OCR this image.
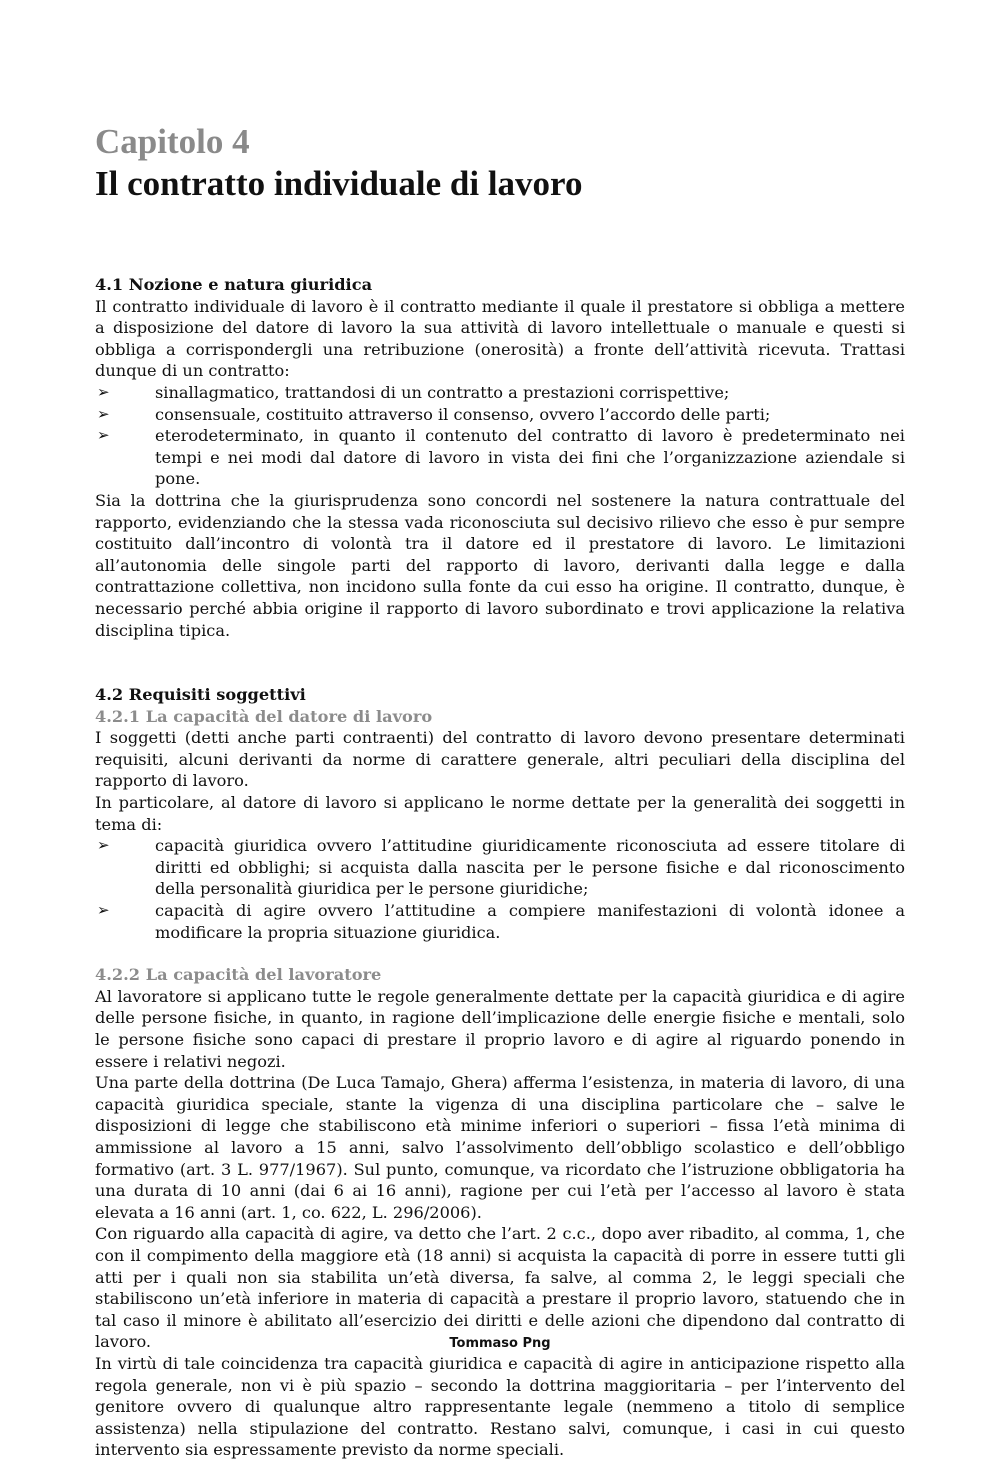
Capitolo 4
Il contratto individuale di lavoro
4.1 Nozione e natura giuridica

Il contratto individuale di lavoro è il contratto mediante il quale il prestatore si obbliga a mettere a disposizione del datore di lavoro la sua attività di lavoro intellettuale o manuale e questi si obbliga a corrispondergli una retribuzione (onerosità) a fronte dell’attività ricevuta. Trattasi dunque di un contratto:

➢	sinallagmatico, trattandosi di un contratto a prestazioni corrispettive;
➢	consensuale, costituito attraverso il consenso, ovvero l’accordo delle parti;
➢	eterodeterminato, in quanto il contenuto del contratto di lavoro è predeterminato nei tempi e nei modi dal datore di lavoro in vista dei fini che l’organizzazione aziendale si pone.

Sia la dottrina che la giurisprudenza sono concordi nel sostenere la natura contrattuale del rapporto, evidenziando che la stessa vada riconosciuta sul decisivo rilievo che esso è pur sempre costituito dall’incontro di volontà tra il datore ed il prestatore di lavoro. Le limitazioni all’autonomia delle singole parti del rapporto di lavoro, derivanti dalla legge e dalla contrattazione collettiva, non incidono sulla fonte da cui esso ha origine. Il contratto, dunque, è necessario perché abbia origine il rapporto di lavoro subordinato e trovi applicazione la relativa disciplina tipica.

4.2 Requisiti soggettivi
4.2.1 La capacità del datore di lavoro

I soggetti (detti anche parti contraenti) del contratto di lavoro devono presentare determinati requisiti, alcuni derivanti da norme di carattere generale, altri peculiari della disciplina del rapporto di lavoro.

In particolare, al datore di lavoro si applicano le norme dettate per la generalità dei soggetti in tema di:

➢	capacità giuridica ovvero l’attitudine giuridicamente riconosciuta ad essere titolare di diritti ed obblighi; si acquista dalla nascita per le persone fisiche e dal riconoscimento della personalità giuridica per le persone giuridiche;
➢	capacità di agire ovvero l’attitudine a compiere manifestazioni di volontà idonee a modificare la propria situazione giuridica.
4.2.2 La capacità del lavoratore

Al lavoratore si applicano tutte le regole generalmente dettate per la capacità giuridica e di agire delle persone fisiche, in quanto, in ragione dell’implicazione delle energie fisiche e mentali, solo le persone fisiche sono capaci di prestare il proprio lavoro e di agire al riguardo ponendo in essere i relativi negozi.

Una parte della dottrina (De Luca Tamajo, Ghera) afferma l’esistenza, in materia di lavoro, di una capacità giuridica speciale, stante la vigenza di una disciplina particolare che – salve le disposizioni di legge che stabiliscono età minime inferiori o superiori – fissa l’età minima di ammissione al lavoro a 15 anni, salvo l’assolvimento dell’obbligo scolastico e dell’obbligo formativo (art. 3 L. 977/1967). Sul punto, comunque, va ricordato che l’istruzione obbligatoria ha una durata di 10 anni (dai 6 ai 16 anni), ragione per cui l’età per l’accesso al lavoro è stata elevata a 16 anni (art. 1, co. 622, L. 296/2006).

Con riguardo alla capacità di agire, va detto che l’art. 2 c.c., dopo aver ribadito, al comma, 1, che con il compimento della maggiore età (18 anni) si acquista la capacità di porre in essere tutti gli atti per i quali non sia stabilita un’età diversa, fa salve, al comma 2, le leggi speciali che stabiliscono un’età inferiore in materia di capacità a prestare il proprio lavoro, statuendo che in tal caso il minore è abilitato all’esercizio dei diritti e delle azioni che dipendono dal contratto di lavoro.

In virtù di tale coincidenza tra capacità giuridica e capacità di agire in anticipazione rispetto alla regola generale, non vi è più spazio – secondo la dottrina maggioritaria – per l’intervento del genitore ovvero di qualunque altro rappresentante legale (nemmeno a titolo di semplice assistenza) nella stipulazione del contratto. Restano salvi, comunque, i casi in cui questo intervento sia espressamente previsto da norme speciali.

Tommaso Png
